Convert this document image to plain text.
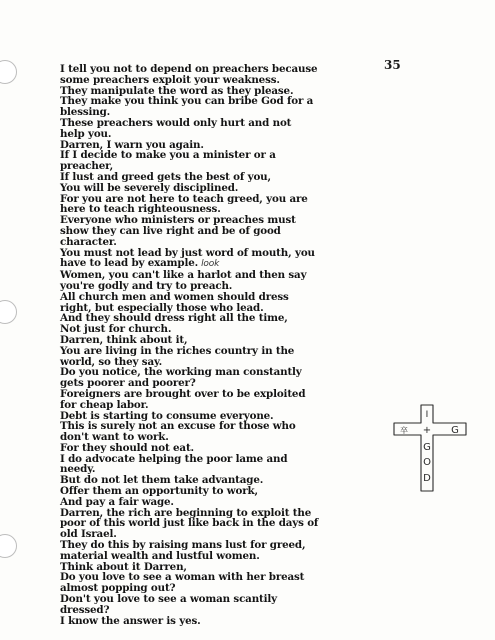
35
I tell you not to depend on preachers because
some preachers exploit your weakness.
They manipulate the word as they please.
They make you think you can bribe God for a
blessing.
These preachers would only hurt and not
help you.
Darren, I warn you again.
If I decide to make you a minister or a
preacher,
If lust and greed gets the best of you,
You will be severely disciplined.
For you are not here to teach greed, you are
here to teach righteousness.
Everyone who ministers or preaches must
show they can live right and be of good
character.
You must not lead by just word of mouth, you
have to lead by example. look
Women, you can't like a harlot and then say
you're godly and try to preach.
All church men and women should dress
right, but especially those who lead.
And they should dress right all the time,
Not just for church.
Darren, think about it,
You are living in the riches country in the
world, so they say.
Do you notice, the working man constantly
gets poorer and poorer?
Foreigners are brought over to be exploited
for cheap labor.
Debt is starting to consume everyone.
This is surely not an excuse for those who
don't want to work.
For they should not eat.
I do advocate helping the poor lame and
needy.
But do not let them take advantage.
Offer them an opportunity to work,
And pay a fair wage.
Darren, the rich are beginning to exploit the
poor of this world just like back in the days of
old Israel.
They do this by raising mans lust for greed,
material wealth and lustful women.
Think about it Darren,
Do you love to see a woman with her breast
almost popping out?
Don't you love to see a woman scantily
dressed?
I know the answer is yes.
I
+
G
O
D
卒	G
